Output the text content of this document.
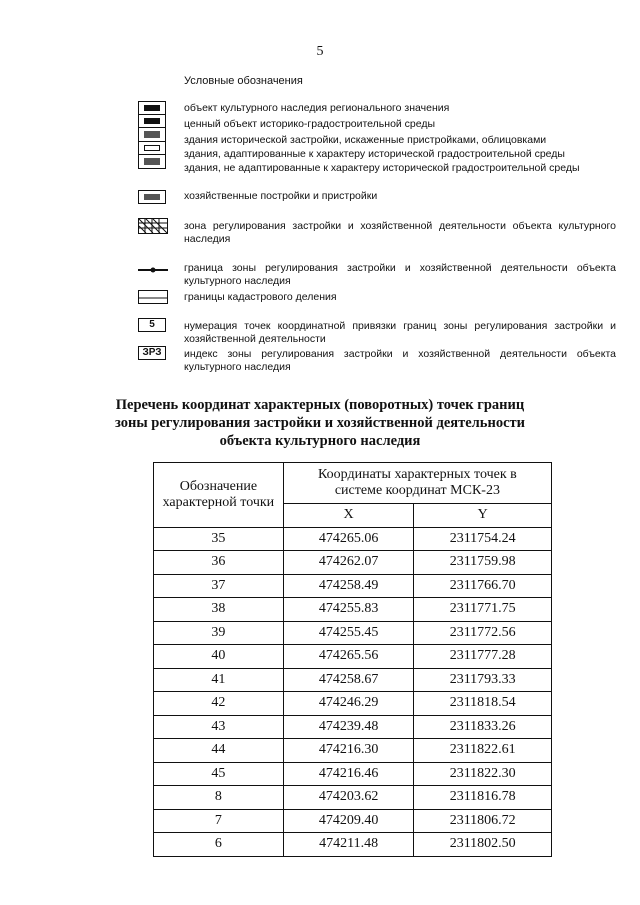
5
Условные обозначения
объект культурного наследия регионального значения
ценный объект историко-градостроительной среды
здания исторической застройки, искаженные пристройками, облицовками
здания, адаптированные к характеру исторической градостроительной среды
здания, не адаптированные к характеру исторической градостроительной среды
хозяйственные постройки и пристройки
зона регулирования застройки и хозяйственной деятельности объекта культурного наследия
граница зоны регулирования застройки и хозяйственной деятельности объекта культурного наследия
границы кадастрового деления
5	нумерация точек координатной привязки границ зоны регулирования застройки и хозяйственной деятельности
ЗРЗ	индекс зоны регулирования застройки и хозяйственной деятельности объекта культурного наследия
Перечень координат характерных (поворотных) точек границ зоны регулирования застройки и хозяйственной деятельности объекта культурного наследия
Обозначение характерной точки	Координаты характерных точек в системе координат МСК-23	
	X	Y
35	474265.06	2311754.24
36	474262.07	2311759.98
37	474258.49	2311766.70
38	474255.83	2311771.75
39	474255.45	2311772.56
40	474265.56	2311777.28
41	474258.67	2311793.33
42	474246.29	2311818.54
43	474239.48	2311833.26
44	474216.30	2311822.61
45	474216.46	2311822.30
8	474203.62	2311816.78
7	474209.40	2311806.72
6	474211.48	2311802.50
